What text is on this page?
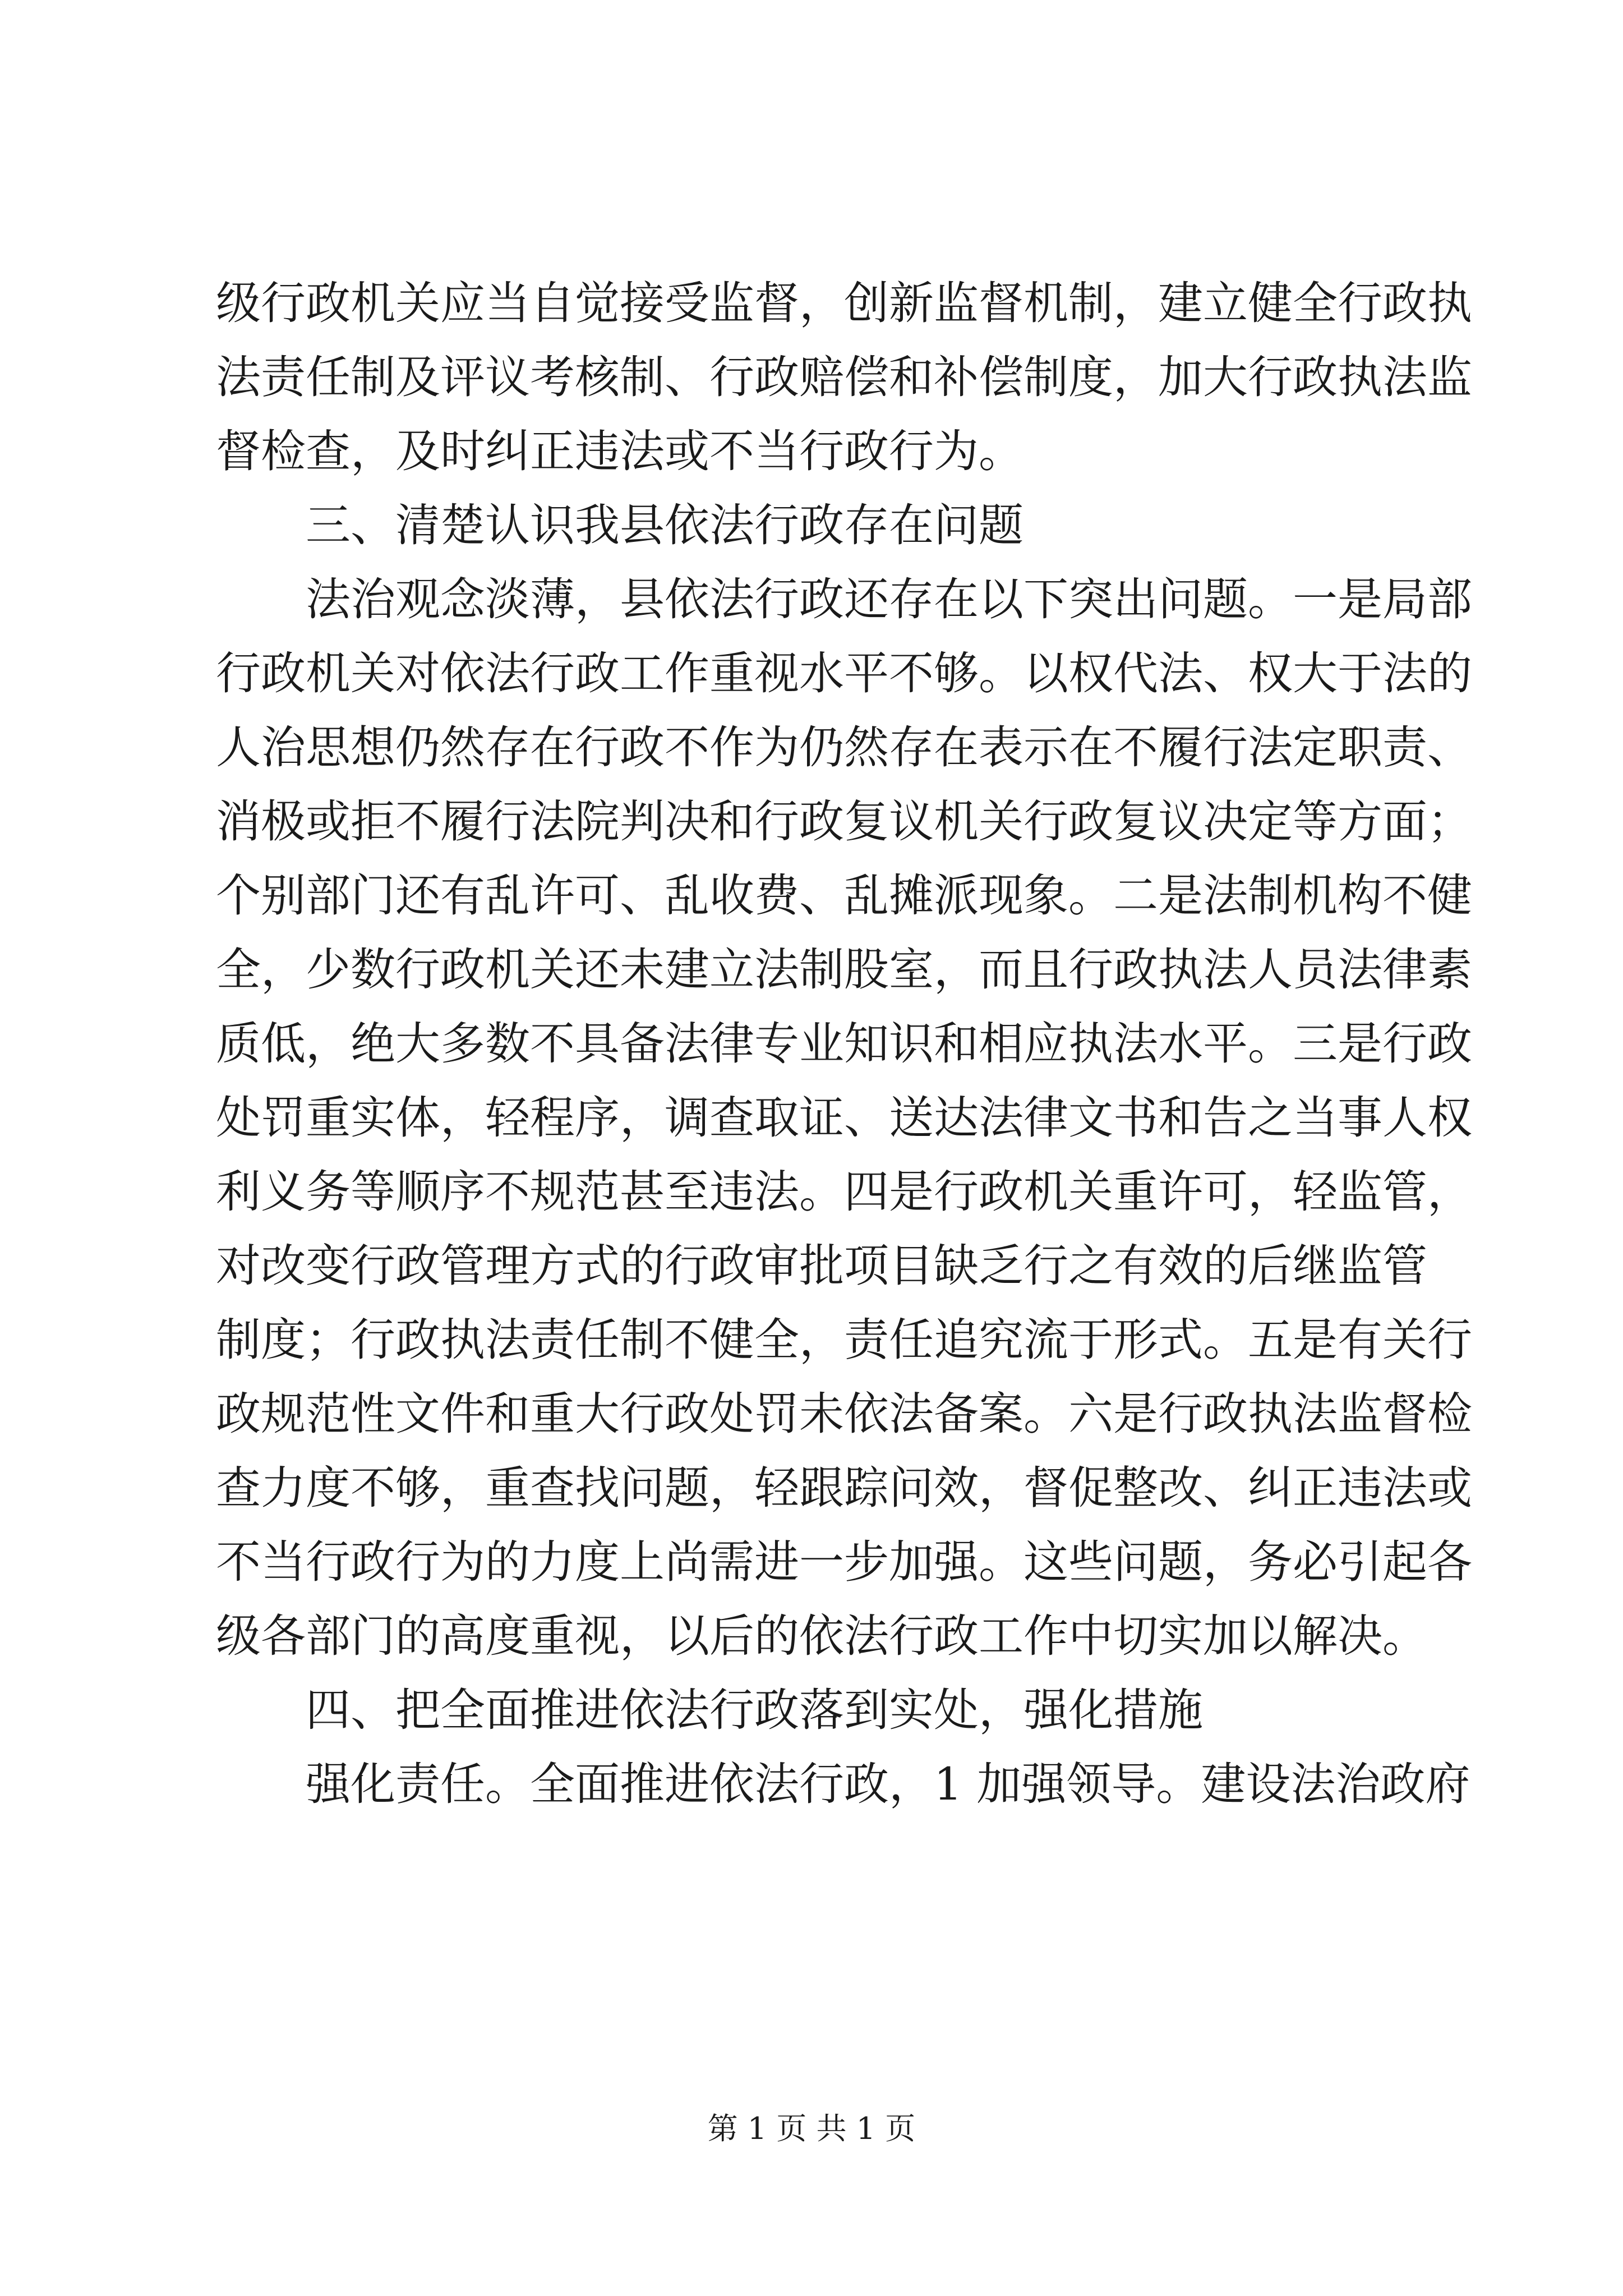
级行政机关应当自觉接受监督，创新监督机制，建立健全行政执
法责任制及评议考核制、行政赔偿和补偿制度，加大行政执法监
督检查，及时纠正违法或不当行政行为。
三、清楚认识我县依法行政存在问题
法治观念淡薄，县依法行政还存在以下突出问题。一是局部
行政机关对依法行政工作重视水平不够。以权代法、权大于法的
人治思想仍然存在行政不作为仍然存在表示在不履行法定职责、
消极或拒不履行法院判决和行政复议机关行政复议决定等方面；
个别部门还有乱许可、乱收费、乱摊派现象。二是法制机构不健
全，少数行政机关还未建立法制股室，而且行政执法人员法律素
质低，绝大多数不具备法律专业知识和相应执法水平。三是行政
处罚重实体，轻程序，调查取证、送达法律文书和告之当事人权
利义务等顺序不规范甚至违法。四是行政机关重许可，轻监管，
对改变行政管理方式的行政审批项目缺乏行之有效的后继监管
制度；行政执法责任制不健全，责任追究流于形式。五是有关行
政规范性文件和重大行政处罚未依法备案。六是行政执法监督检
查力度不够，重查找问题，轻跟踪问效，督促整改、纠正违法或
不当行政行为的力度上尚需进一步加强。这些问题，务必引起各
级各部门的高度重视，以后的依法行政工作中切实加以解决。
四、把全面推进依法行政落到实处，强化措施
强化责任。全面推进依法行政，1 加强领导。建设法治政府
第 1 页 共 1 页
